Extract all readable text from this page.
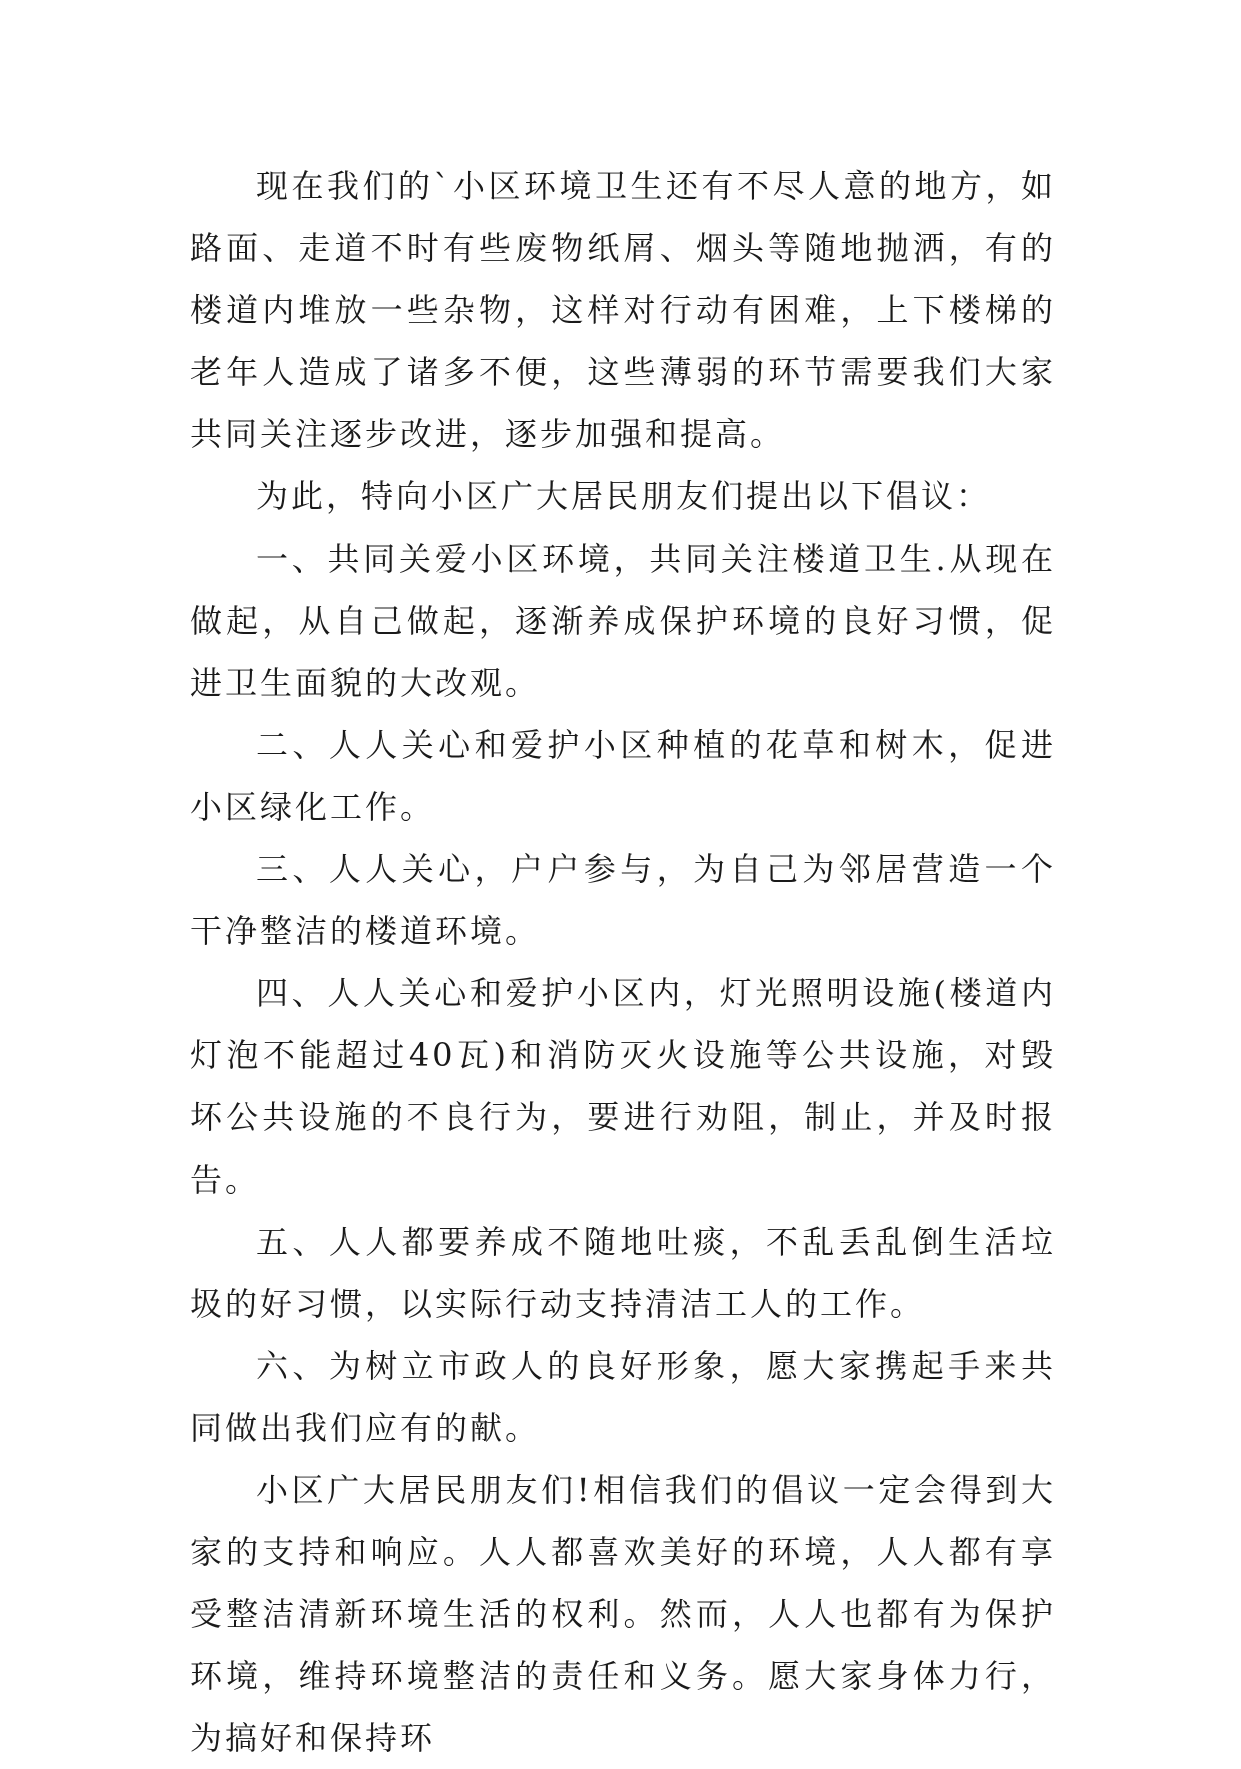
现在我们的`小区环境卫生还有不尽人意的地方，如路面、走道不时有些废物纸屑、烟头等随地抛洒，有的楼道内堆放一些杂物，这样对行动有困难，上下楼梯的老年人造成了诸多不便，这些薄弱的环节需要我们大家共同关注逐步改进，逐步加强和提高。

为此，特向小区广大居民朋友们提出以下倡议：

一、共同关爱小区环境，共同关注楼道卫生.从现在做起，从自己做起，逐渐养成保护环境的良好习惯，促进卫生面貌的大改观。

二、人人关心和爱护小区种植的花草和树木，促进小区绿化工作。

三、人人关心，户户参与，为自己为邻居营造一个干净整洁的楼道环境。

四、人人关心和爱护小区内，灯光照明设施(楼道内灯泡不能超过40瓦)和消防灭火设施等公共设施，对毁坏公共设施的不良行为，要进行劝阻，制止，并及时报告。

五、人人都要养成不随地吐痰，不乱丢乱倒生活垃圾的好习惯，以实际行动支持清洁工人的工作。

六、为树立市政人的良好形象，愿大家携起手来共同做出我们应有的献。

小区广大居民朋友们!相信我们的倡议一定会得到大家的支持和响应。人人都喜欢美好的环境，人人都有享受整洁清新环境生活的权利。然而，人人也都有为保护环境，维持环境整洁的责任和义务。愿大家身体力行，为搞好和保持环
